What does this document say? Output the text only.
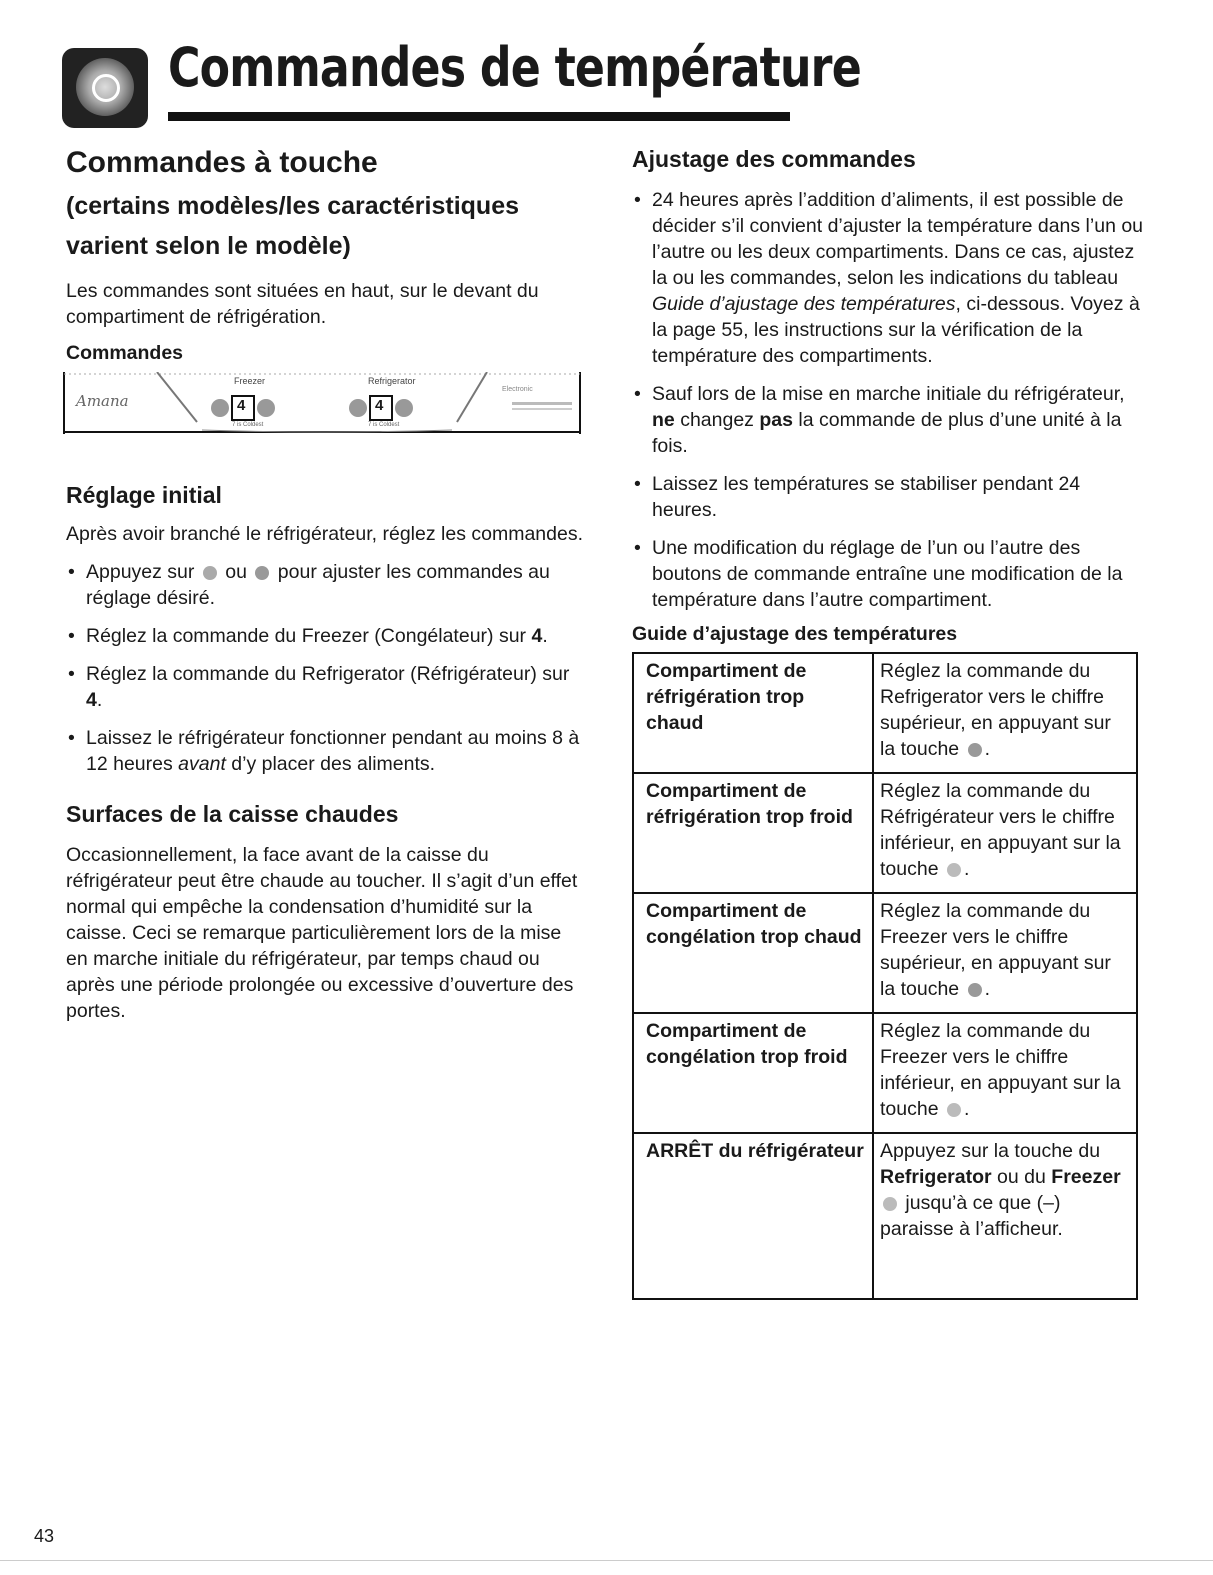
Commandes de température
Commandes à touche
(certains modèles/les caractéristiques varient selon le modèle)

Les commandes sont situées en haut, sur le devant du compartiment de réfrigération.

Commandes
Amana
Freezer	Refrigerator
4	4
7 is Coldest	7 is Coldest
Electronic
Réglage initial

Après avoir branché le réfrigérateur, réglez les commandes.

• Appuyez sur ou pour ajuster les commandes au réglage désiré.
• Réglez la commande du Freezer (Congélateur) sur 4.
• Réglez la commande du Refrigerator (Réfrigérateur) sur 4.
• Laissez le réfrigérateur fonctionner pendant au moins 8 à 12 heures avant d’y placer des aliments.
Surfaces de la caisse chaudes

Occasionnellement, la face avant de la caisse du réfrigérateur peut être chaude au toucher. Il s’agit d’un effet normal qui empêche la condensation d’humidité sur la caisse. Ceci se remarque particulièrement lors de la mise en marche initiale du réfrigérateur, par temps chaud ou après une période prolongée ou excessive d’ouverture des portes.

Ajustage des commandes
• 24 heures après l’addition d’aliments, il est possible de décider s’il convient d’ajuster la température dans l’un ou l’autre ou les deux compartiments. Dans ce cas, ajustez la ou les commandes, selon les indications du tableau Guide d’ajustage des températures, ci-dessous. Voyez à la page 55, les instructions sur la vérification de la température des compartiments.
• Sauf lors de la mise en marche initiale du réfrigérateur, ne changez pas la commande de plus d’une unité à la fois.
• Laissez les températures se stabiliser pendant 24 heures.
• Une modification du réglage de l’un ou l’autre des boutons de commande entraîne une modification de la température dans l’autre compartiment.
Guide d’ajustage des températures
Compartiment de réfrigération trop chaud	Réglez la commande du Refrigerator vers le chiffre supérieur, en appuyant sur la touche .
Compartiment de réfrigération trop froid	Réglez la commande du Réfrigérateur vers le chiffre inférieur, en appuyant sur la touche .
Compartiment de congélation trop chaud	Réglez la commande du Freezer vers le chiffre supérieur, en appuyant sur la touche .
Compartiment de congélation trop froid	Réglez la commande du Freezer vers le chiffre inférieur, en appuyant sur la touche .
ARRÊT du réfrigérateur	Appuyez sur la touche du Refrigerator ou du Freezer  jusqu’à ce que (–) paraisse à l’afficheur.
43
